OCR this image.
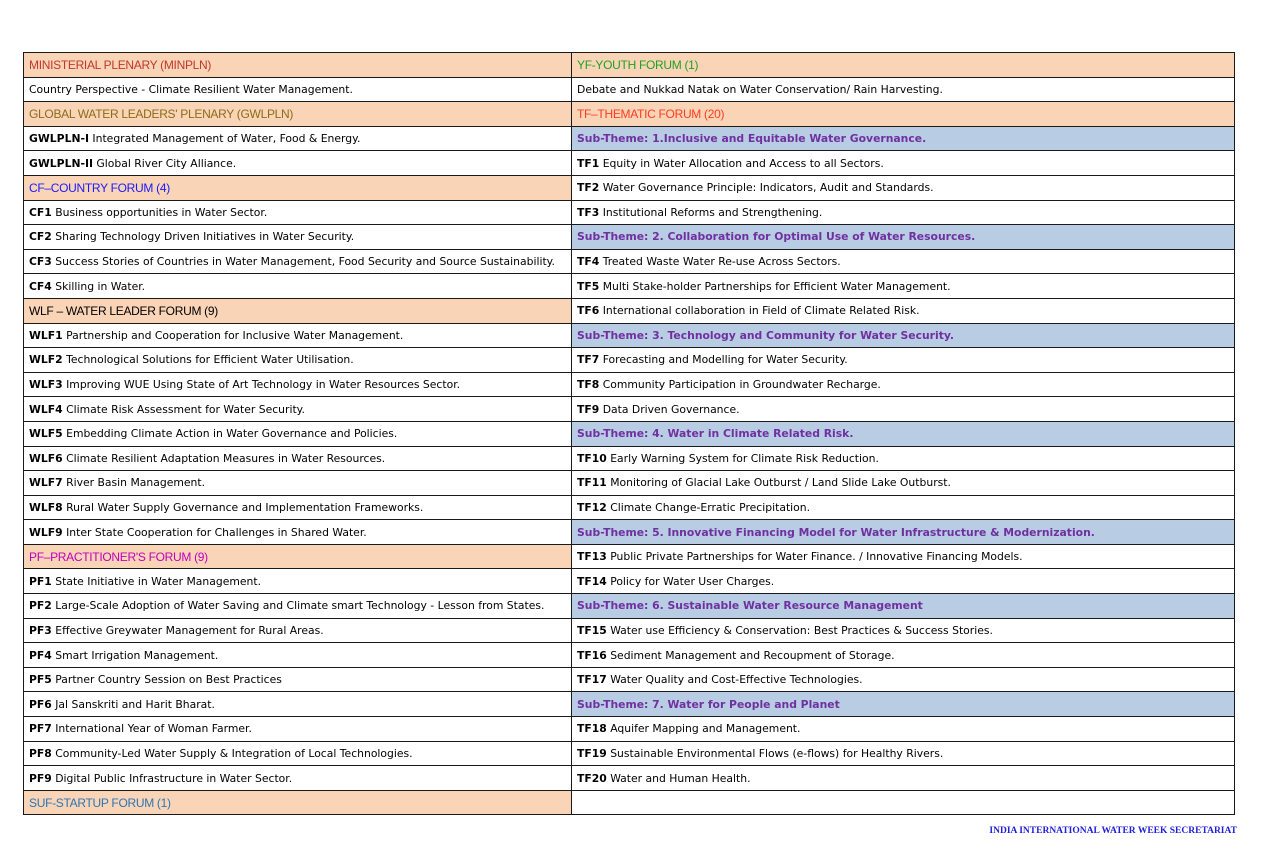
MINISTERIAL PLENARY (MINPLN)	YF-YOUTH FORUM (1)
Country Perspective - Climate Resilient Water Management.	Debate and Nukkad Natak on Water Conservation/ Rain Harvesting.
GLOBAL WATER LEADERS' PLENARY (GWLPLN)	TF–THEMATIC FORUM (20)
GWLPLN-I Integrated Management of Water, Food & Energy.	Sub-Theme: 1.Inclusive and Equitable Water Governance.
GWLPLN-II Global River City Alliance.	TF1 Equity in Water Allocation and Access to all Sectors.
CF–COUNTRY FORUM (4)	TF2 Water Governance Principle: Indicators, Audit and Standards.
CF1 Business opportunities in Water Sector.	TF3 Institutional Reforms and Strengthening.
CF2 Sharing Technology Driven Initiatives in Water Security.	Sub-Theme: 2. Collaboration for Optimal Use of Water Resources.
CF3 Success Stories of Countries in Water Management, Food Security and Source Sustainability.	TF4 Treated Waste Water Re-use Across Sectors.
CF4 Skilling in Water.	TF5 Multi Stake-holder Partnerships for Efficient Water Management.
WLF – WATER LEADER FORUM (9)	TF6 International collaboration in Field of Climate Related Risk.
WLF1 Partnership and Cooperation for Inclusive Water Management.	Sub-Theme: 3. Technology and Community for Water Security.
WLF2 Technological Solutions for Efficient Water Utilisation.	TF7 Forecasting and Modelling for Water Security.
WLF3 Improving WUE Using State of Art Technology in Water Resources Sector.	TF8 Community Participation in Groundwater Recharge.
WLF4 Climate Risk Assessment for Water Security.	TF9 Data Driven Governance.
WLF5 Embedding Climate Action in Water Governance and Policies.	Sub-Theme: 4. Water in Climate Related Risk.
WLF6 Climate Resilient Adaptation Measures in Water Resources.	TF10 Early Warning System for Climate Risk Reduction.
WLF7 River Basin Management.	TF11 Monitoring of Glacial Lake Outburst / Land Slide Lake Outburst.
WLF8 Rural Water Supply Governance and Implementation Frameworks.	TF12 Climate Change-Erratic Precipitation.
WLF9 Inter State Cooperation for Challenges in Shared Water.	Sub-Theme: 5. Innovative Financing Model for Water Infrastructure & Modernization.
PF–PRACTITIONER'S FORUM (9)	TF13 Public Private Partnerships for Water Finance. / Innovative Financing Models.
PF1 State Initiative in Water Management.	TF14 Policy for Water User Charges.
PF2 Large-Scale Adoption of Water Saving and Climate smart Technology - Lesson from States.	Sub-Theme: 6. Sustainable Water Resource Management
PF3 Effective Greywater Management for Rural Areas.	TF15 Water use Efficiency & Conservation: Best Practices & Success Stories.
PF4 Smart Irrigation Management.	TF16 Sediment Management and Recoupment of Storage.
PF5 Partner Country Session on Best Practices	TF17 Water Quality and Cost-Effective Technologies.
PF6 Jal Sanskriti and Harit Bharat.	Sub-Theme: 7. Water for People and Planet
PF7 International Year of Woman Farmer.	TF18 Aquifer Mapping and Management.
PF8 Community-Led Water Supply & Integration of Local Technologies.	TF19 Sustainable Environmental Flows (e-flows) for Healthy Rivers.
PF9 Digital Public Infrastructure in Water Sector.	TF20 Water and Human Health.
SUF-STARTUP FORUM (1)	
INDIA INTERNATIONAL WATER WEEK SECRETARIAT
